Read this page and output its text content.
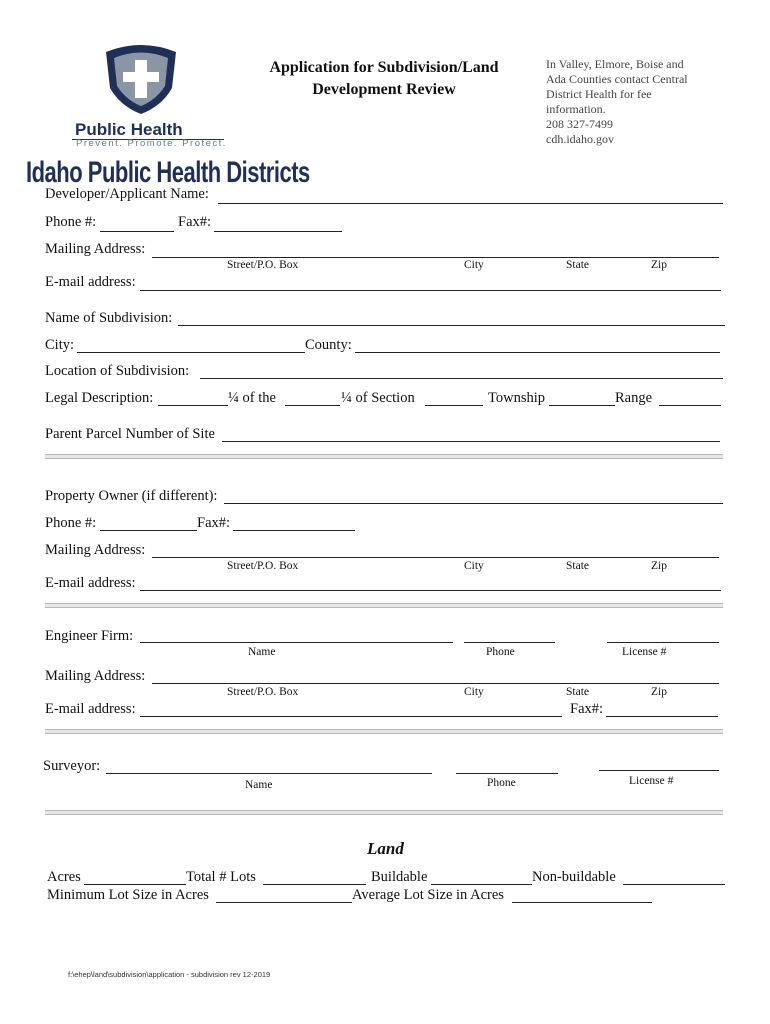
Public Health
Prevent. Promote. Protect.
Idaho Public Health Districts
Application for Subdivision/Land
Development Review
In Valley, Elmore, Boise and
Ada Counties contact Central
District Health for fee
information.
208 327-7499
cdh.idaho.gov
Developer/Applicant Name:
Phone #:	Fax#:
Mailing Address:
Street/P.O. Box	City	State	Zip
E-mail address:
Name of Subdivision:
City:	County:
Location of Subdivision:
Legal Description:	¼ of the	¼ of Section	Township	Range
Parent Parcel Number of Site
Property Owner (if different):
Phone #:	Fax#:
Mailing Address:
Street/P.O. Box	City	State	Zip
E-mail address:
Engineer Firm:
Name	Phone	License #
Mailing Address:
Street/P.O. Box	City	State	Zip
E-mail address:	Fax#:
Surveyor:
Name	Phone	License #
Land
Acres	Total # Lots	Buildable	Non-buildable
Minimum Lot Size in Acres	Average Lot Size in Acres
f:\ehep\land\subdivision\application - subdivision rev 12-2019
